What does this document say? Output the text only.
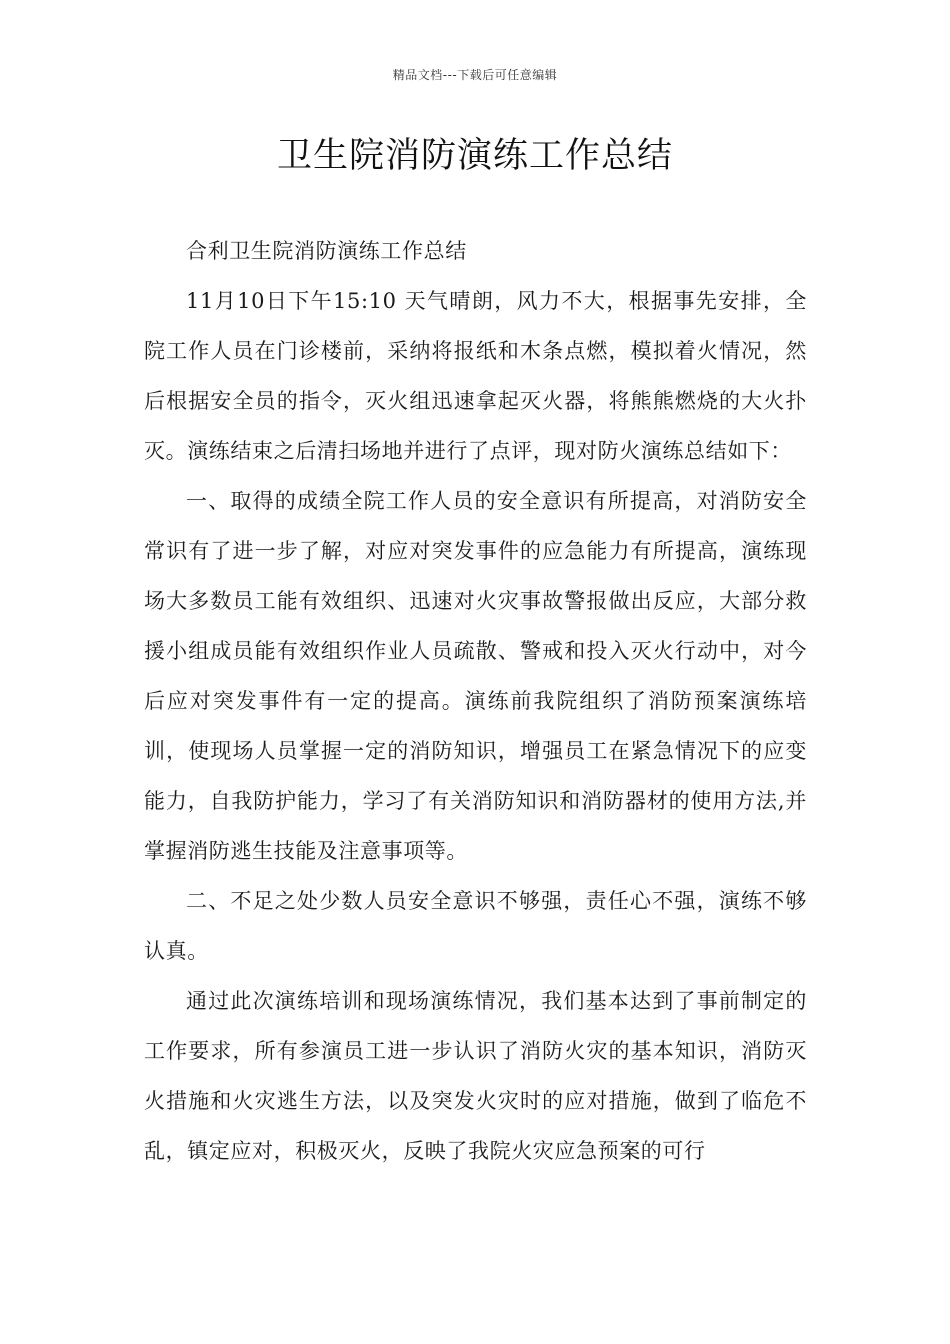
精品文档---下载后可任意编辑
卫生院消防演练工作总结

合利卫生院消防演练工作总结

11月10日下午15:10 天气晴朗，风力不大，根据事先安排，全院工作人员在门诊楼前，采纳将报纸和木条点燃，模拟着火情况，然后根据安全员的指令，灭火组迅速拿起灭火器，将熊熊燃烧的大火扑灭。演练结束之后清扫场地并进行了点评，现对防火演练总结如下：

一、取得的成绩全院工作人员的安全意识有所提高，对消防安全常识有了进一步了解，对应对突发事件的应急能力有所提高，演练现场大多数员工能有效组织、迅速对火灾事故警报做出反应，大部分救援小组成员能有效组织作业人员疏散、警戒和投入灭火行动中，对今后应对突发事件有一定的提高。演练前我院组织了消防预案演练培训，使现场人员掌握一定的消防知识，增强员工在紧急情况下的应变能力，自我防护能力，学习了有关消防知识和消防器材的使用方法,并掌握消防逃生技能及注意事项等。

二、不足之处少数人员安全意识不够强，责任心不强，演练不够认真。

通过此次演练培训和现场演练情况，我们基本达到了事前制定的工作要求，所有参演员工进一步认识了消防火灾的基本知识，消防灭火措施和火灾逃生方法，以及突发火灾时的应对措施，做到了临危不乱，镇定应对，积极灭火，反映了我院火灾应急预案的可行
